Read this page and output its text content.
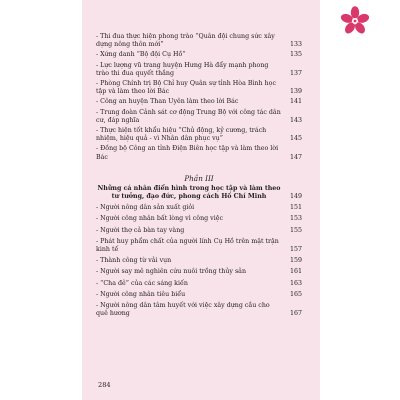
- Thi đua thực hiện phong trào “Quân đội chung sức xây dựng nông thôn mới”	133
- Xứng danh “Bộ đội Cụ Hồ”	135
- Lực lượng vũ trang huyện Hưng Hà đẩy mạnh phong trào thi đua quyết thắng	137
- Phòng Chính trị Bộ Chỉ huy Quân sự tỉnh Hòa Bình học tập và làm theo lời Bác	139
- Công an huyện Than Uyên làm theo lời Bác	141
- Trung đoàn Cảnh sát cơ động Trung Bộ với công tác dân cư, đáp nghĩa	143
- Thực hiện tốt khẩu hiệu “Chủ động, kỷ cương, trách nhiệm, hiệu quả - vì Nhân dân phục vụ”	145
- Đồng bộ Công an tỉnh Điện Biên học tập và làm theo lời Bác	147
Phần III
Những cá nhân điển hình trong học tập và làm theo tư tưởng, đạo đức, phong cách Hồ Chí Minh	149
- Người nông dân sản xuất giỏi	151
- Người công nhân bất lòng vì công việc	153
- Người thợ cả bàn tay vàng	155
- Phát huy phẩm chất của người lính Cụ Hồ trên mặt trận kinh tế	157
- Thành công từ vải vụn	159
- Người say mê nghiên cứu nuôi trồng thủy sản	161
- “Cha đẻ” của các sáng kiến	163
- Người công nhân tiêu biểu	165
- Người nông dân tâm huyết với việc xây dựng cầu cho quê hương	167
284
